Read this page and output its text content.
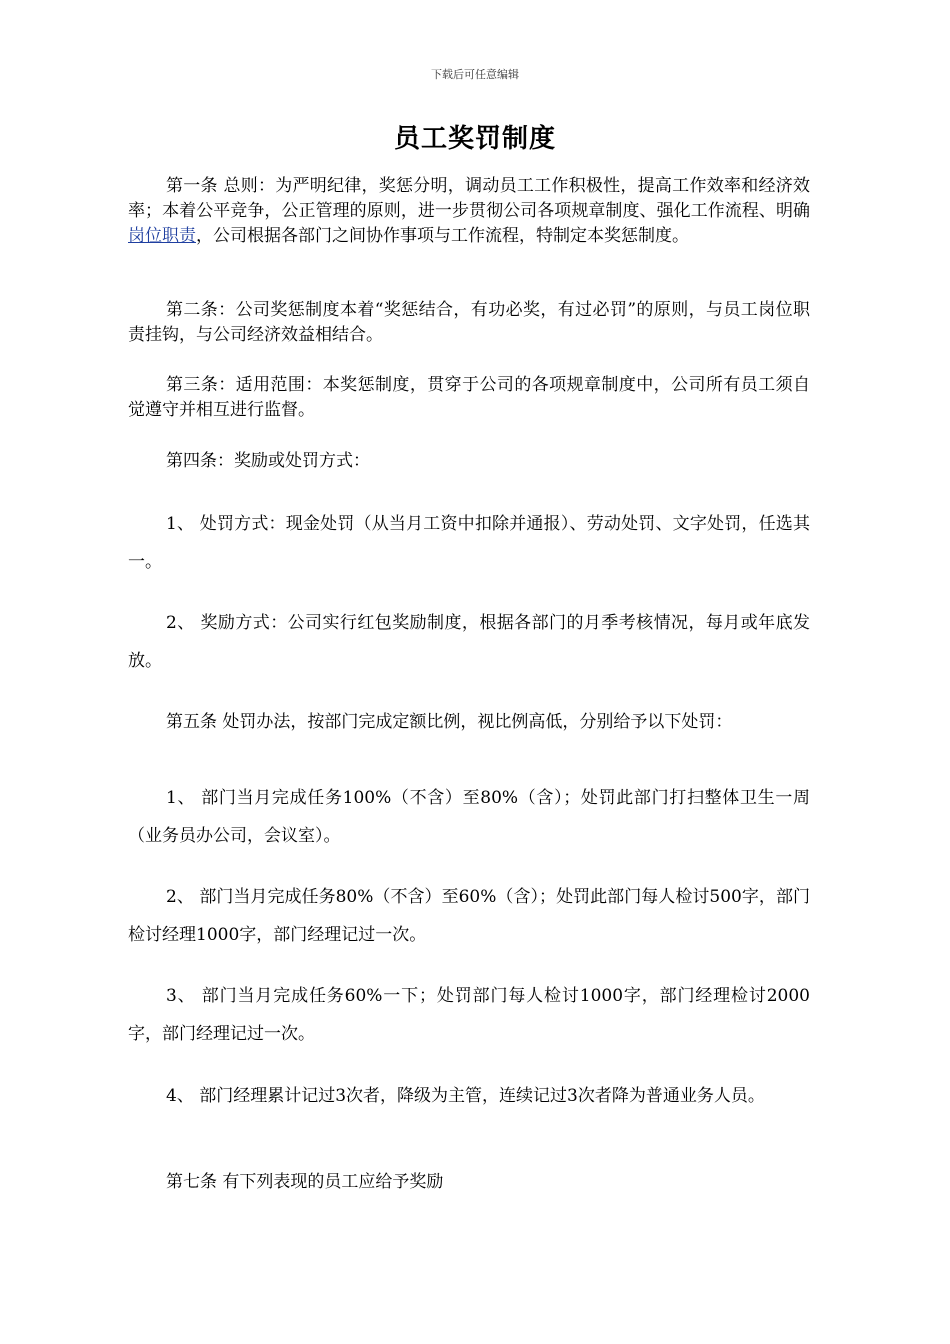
下载后可任意编辑
员工奖罚制度
第一条 总则：为严明纪律，奖惩分明，调动员工工作积极性，提高工作效率和经济效率；本着公平竞争，公正管理的原则，进一步贯彻公司各项规章制度、强化工作流程、明确岗位职责，公司根据各部门之间协作事项与工作流程，特制定本奖惩制度。
第二条：公司奖惩制度本着“奖惩结合，有功必奖，有过必罚”的原则，与员工岗位职责挂钩，与公司经济效益相结合。
第三条：适用范围：本奖惩制度，贯穿于公司的各项规章制度中，公司所有员工须自觉遵守并相互进行监督。
第四条：奖励或处罚方式：
1、 处罚方式：现金处罚（从当月工资中扣除并通报）、劳动处罚、文字处罚，任选其一。
2、 奖励方式：公司实行红包奖励制度，根据各部门的月季考核情况，每月或年底发放。
第五条 处罚办法，按部门完成定额比例，视比例高低，分别给予以下处罚：
1、 部门当月完成任务100%（不含）至80%（含）；处罚此部门打扫整体卫生一周（业务员办公司，会议室）。
2、 部门当月完成任务80%（不含）至60%（含）；处罚此部门每人检讨500字，部门检讨经理1000字，部门经理记过一次。
3、 部门当月完成任务60%一下；处罚部门每人检讨1000字，部门经理检讨2000字，部门经理记过一次。
4、 部门经理累计记过3次者，降级为主管，连续记过3次者降为普通业务人员。
第七条 有下列表现的员工应给予奖励
